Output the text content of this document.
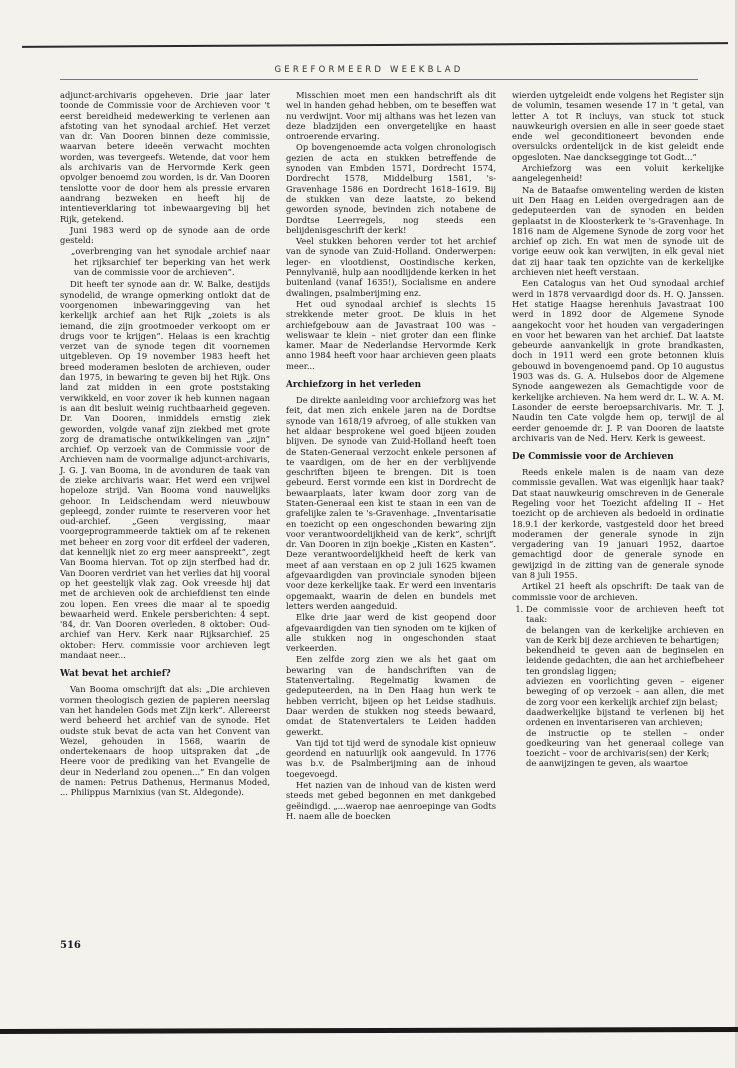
GEREFORMEERD WEEKBLAD

adjunct-archivaris opgeheven. Drie jaar later toonde de Commissie voor de Archieven voor 't eerst bereidheid medewerking te verlenen aan afstoting van het synodaal archief. Het verzet van dr. Van Dooren binnen deze commissie, waarvan betere ideeën verwacht mochten worden, was tevergeefs. Wetende, dat voor hem als archivaris van de Hervormde Kerk geen opvolger benoemd zou worden, is dr. Van Dooren tenslotte voor de door hem als pressie ervaren aandrang bezweken en heeft hij de intentieverklaring tot inbewaargeving bij het Rijk, getekend.

Juni 1983 werd op de synode aan de orde gesteld:

„overbrenging van het synodale archief naar het rijksarchief ter beperking van het werk van de commissie voor de archieven”.

Dit heeft ter synode aan dr. W. Balke, destijds synodelid, de wrange opmerking ontlokt dat de voorgenomen inbewaringgeving van het kerkelijk archief aan het Rijk „zoiets is als iemand, die zijn grootmoeder verkoopt om er drugs voor te krijgen”. Helaas is een krachtig verzet van de synode tegen dit voornemen uitgebleven. Op 19 november 1983 heeft het breed moderamen besloten de archieven, ouder dan 1975, in bewaring te geven bij het Rijk. Ons land zat midden in een grote poststaking verwikkeld, en voor zover ik heb kunnen nagaan is aan dit besluit weinig ruchtbaarheid gegeven. Dr. Van Dooren, inmiddels ernstig ziek geworden, volgde vanaf zijn ziekbed met grote zorg de dramatische ontwikkelingen van „zijn” archief. Op verzoek van de Commissie voor de Archieven nam de voormalige adjunct-archivaris, J. G. J. van Booma, in de avonduren de taak van de zieke archivaris waar. Het werd een vrijwel hopeloze strijd. Van Booma vond nauwelijks gehoor. In Leidschendam werd nieuwbouw gepleegd, zonder ruimte te reserveren voor het oud-archief. „Geen vergissing, maar voorgeprogrammeerde taktiek om af te rekenen met beheer en zorg voor dit erfdeel der vaderen, dat kennelijk niet zo erg meer aanspreekt”, zegt Van Booma hiervan. Tot op zijn sterfbed had dr. Van Dooren verdriet van het verlies dat hij vooral op het geestelijk vlak zag. Ook vreesde hij dat met de archieven ook de archiefdienst ten einde zou lopen. Een vrees die maar al te spoedig bewaarheid werd. Enkele persberichten: 4 sept. '84, dr. Van Dooren overleden. 8 oktober: Oud-archief van Herv. Kerk naar Rijksarchief. 25 oktober: Herv. commissie voor archieven legt mandaat neer...

Wat bevat het archief?

Van Booma omschrijft dat als: „Die archieven vormen theologisch gezien de papieren neerslag van het handelen Gods met Zijn kerk”. Allereerst werd beheerd het archief van de synode. Het oudste stuk bevat de acta van het Convent van Wezel, gehouden in 1568, waarin de ondertekenaars de hoop uitspraken dat „de Heere voor de prediking van het Evangelie de deur in Nederland zou openen...” En dan volgen de namen: Petrus Dathenus, Hermanus Moded, ... Philippus Marnixius (van St. Aldegonde).

Misschien moet men een handschrift als dit wel in handen gehad hebben, om te beseffen wat nu verdwijnt. Voor mij althans was het lezen van deze bladzijden een onvergetelijke en haast ontroerende ervaring.

Op bovengenoemde acta volgen chronologisch gezien de acta en stukken betreffende de synoden van Embden 1571, Dordrecht 1574, Dordrecht 1578, Middelburg 1581, 's-Gravenhage 1586 en Dordrecht 1618–1619. Bij de stukken van deze laatste, zo bekend geworden synode, bevinden zich notabene de Dordtse Leerregels, nog steeds een belijdenisgeschrift der kerk!

Veel stukken behoren verder tot het archief van de synode van Zuid-Holland. Onderwerpen: leger- en vlootdienst, Oostindische kerken, Pennylvanië, hulp aan noodlijdende kerken in het buitenland (vanaf 1635!), Socialisme en andere dwalingen, psalmberijming enz.

Het oud synodaal archief is slechts 15 strekkende meter groot. De kluis in het archiefgebouw aan de Javastraat 100 was – weliswaar te klein – niet groter dan een flinke kamer. Maar de Nederlandse Hervormde Kerk anno 1984 heeft voor haar archieven geen plaats meer...

Archiefzorg in het verleden

De direkte aanleiding voor archiefzorg was het feit, dat men zich enkele jaren na de Dordtse synode van 1618/19 afvroeg, of alle stukken van het aldaar besprokene wel goed bijeen zouden blijven. De synode van Zuid-Holland heeft toen de Staten-Generaal verzocht enkele personen af te vaardigen, om de her en der verblijvende geschriften bijeen te brengen. Dit is toen gebeurd. Eerst vormde een kist in Dordrecht de bewaarplaats, later kwam door zorg van de Staten-Generaal een kist te staan in een van de grafelijke zalen te 's-Gravenhage. „Inventarisatie en toezicht op een ongeschonden bewaring zijn voor verantwoordelijkheid van de kerk”, schrijft dr. Van Dooren in zijn boekje „Kisten en Kasten”. Deze verantwoordelijkheid heeft de kerk van meet af aan verstaan en op 2 juli 1625 kwamen afgevaardigden van provinciale synoden bijeen voor deze kerkelijke taak. Er werd een inventaris opgemaakt, waarin de delen en bundels met letters werden aangeduid.

Elke drie jaar werd de kist geopend door afgevaardigden van tien synoden om te kijken of alle stukken nog in ongeschonden staat verkeerden.

Een zelfde zorg zien we als het gaat om bewaring van de handschriften van de Statenvertaling. Regelmatig kwamen de gedeputeerden, na in Den Haag hun werk te hebben verricht, bijeen op het Leidse stadhuis. Daar werden de stukken nog steeds bewaard, omdat de Statenvertalers te Leiden hadden gewerkt.

Van tijd tot tijd werd de synodale kist opnieuw geordend en natuurlijk ook aangevuld. In 1776 was b.v. de Psalmberijming aan de inhoud toegevoegd.

Het nazien van de inhoud van de kisten werd steeds met gebed begonnen en met dankgebed geëindigd. „...waerop nae aenroepinge van Godts H. naem alle de boecken

wierden uytgeleidt ende volgens het Register sijn de volumin, tesamen wesende 17 in 't getal, van letter A tot R incluys, van stuck tot stuck nauwkeurigh oversien en alle in seer goede staet ende wel geconditioneert bevonden ende oversulcks ordentelijck in de kist geleidt ende opgesloten. Nae danckseggingе tot Godt...”

Archiefzorg was een voluit kerkelijke aangelegenheid!

Na de Bataafse omwenteling werden de kisten uit Den Haag en Leiden overgedragen aan de gedeputeerden van de synoden en beiden geplaatst in de Kloosterkerk te 's-Gravenhage. In 1816 nam de Algemene Synode de zorg voor het archief op zich. En wat men de synode uit de vorige eeuw ook kan verwijten, in elk geval niet dat zij haar taak ten opzichte van de kerkelijke archieven niet heeft verstaan.

Een Catalogus van het Oud synodaal archief werd in 1878 vervaardigd door ds. H. Q. Janssen. Het statige Haagse herenhuis Javastraat 100 werd in 1892 door de Algemene Synode aangekocht voor het houden van vergaderingen en voor het bewaren van het archief. Dat laatste gebeurde aanvankelijk in grote brandkasten, doch in 1911 werd een grote betonnen kluis gebouwd in bovengenoemd pand. Op 10 augustus 1903 was ds. G. A. Hulsebos door de Algemene Synode aangewezen als Gemachtigde voor de kerkelijke archieven. Na hem werd dr. L. W. A. M. Lasonder de eerste beroepsarchivaris. Mr. T. J. Naudin ten Cate volgde hem op, terwijl de al eerder genoemde dr. J. P. van Dooren de laatste archivaris van de Ned. Herv. Kerk is geweest.

De Commissie voor de Archieven

Reeds enkele malen is de naam van deze commissie gevallen. Wat was eigenlijk haar taak? Dat staat nauwkeurig omschreven in de Generale Regeling voor het Toezicht afdeling II – Het toezicht op de archieven als bedoeld in ordinatie 18.9.1 der kerkorde, vastgesteld door het breed moderamen der generale synode in zijn vergadering van 19 januari 1952, daartoe gemachtigd door de generale synode en gewijzigd in de zitting van de generale synode van 8 juli 1955.

Artikel 21 heeft als opschrift: De taak van de commissie voor de archieven.

1. De commissie voor de archieven heeft tot taak:
de belangen van de kerkelijke archieven en van de Kerk bij deze archieven te behartigen;
bekendheid te geven aan de beginselen en leidende gedachten, die aan het archiefbeheer ten grondslag liggen;
adviezen en voorlichting geven – eigener beweging of op verzoek – aan allen, die met de zorg voor een kerkelijk archief zijn belast;
daadwerkelijke bijstand te verlenen bij het ordenen en inventariseren van archieven;
de instructie op te stellen – onder goedkeuring van het generaal college van toezicht – voor de archivaris(sen) der Kerk;
de aanwijzingen te geven, als waartoe
516
